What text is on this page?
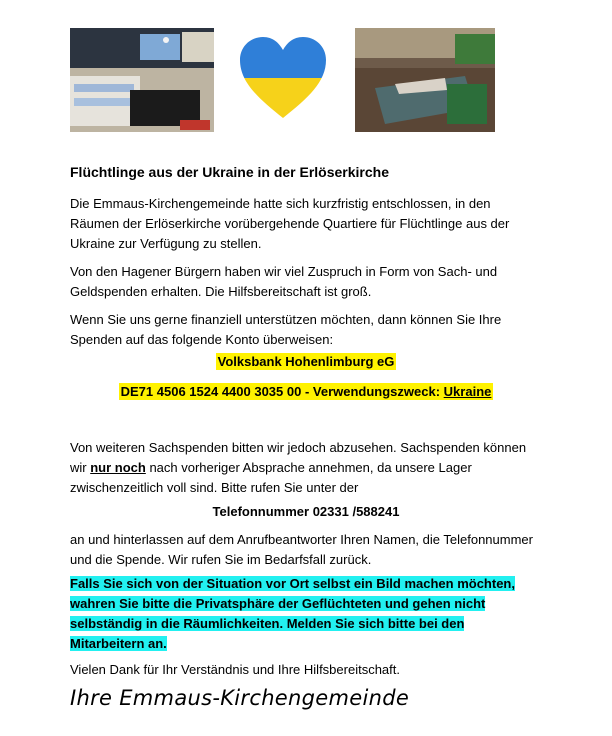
Flüchtlinge aus der Ukraine in der Erlöserkirche
Die Emmaus-Kirchengemeinde hatte sich kurzfristig entschlossen, in den Räumen der Erlöserkirche vorübergehende Quartiere für Flüchtlinge aus der Ukraine zur Verfügung zu stellen.
Von den Hagener Bürgern haben wir viel Zuspruch in Form von Sach- und Geldspenden erhalten. Die Hilfsbereitschaft ist groß.
Wenn Sie uns gerne finanziell unterstützen möchten, dann können Sie Ihre Spenden auf das folgende Konto überweisen:
Volksbank Hohenlimburg eG
DE71 4506 1524 4400 3035 00 - Verwendungszweck: Ukraine
Von weiteren Sachspenden bitten wir jedoch abzusehen. Sachspenden können wir nur noch nach vorheriger Absprache annehmen, da unsere Lager zwischenzeitlich voll sind. Bitte rufen Sie unter der
Telefonnummer 02331 /588241
an und hinterlassen auf dem Anrufbeantworter Ihren Namen, die Telefonnummer und die Spende. Wir rufen Sie im Bedarfsfall zurück.
Falls Sie sich von der Situation vor Ort selbst ein Bild machen möchten, wahren Sie bitte die Privatsphäre der Geflüchteten und gehen nicht selbständig in die Räumlichkeiten. Melden Sie sich bitte bei den Mitarbeitern an.
Vielen Dank für Ihr Verständnis und Ihre Hilfsbereitschaft.
Ihre Emmaus-Kirchengemeinde
